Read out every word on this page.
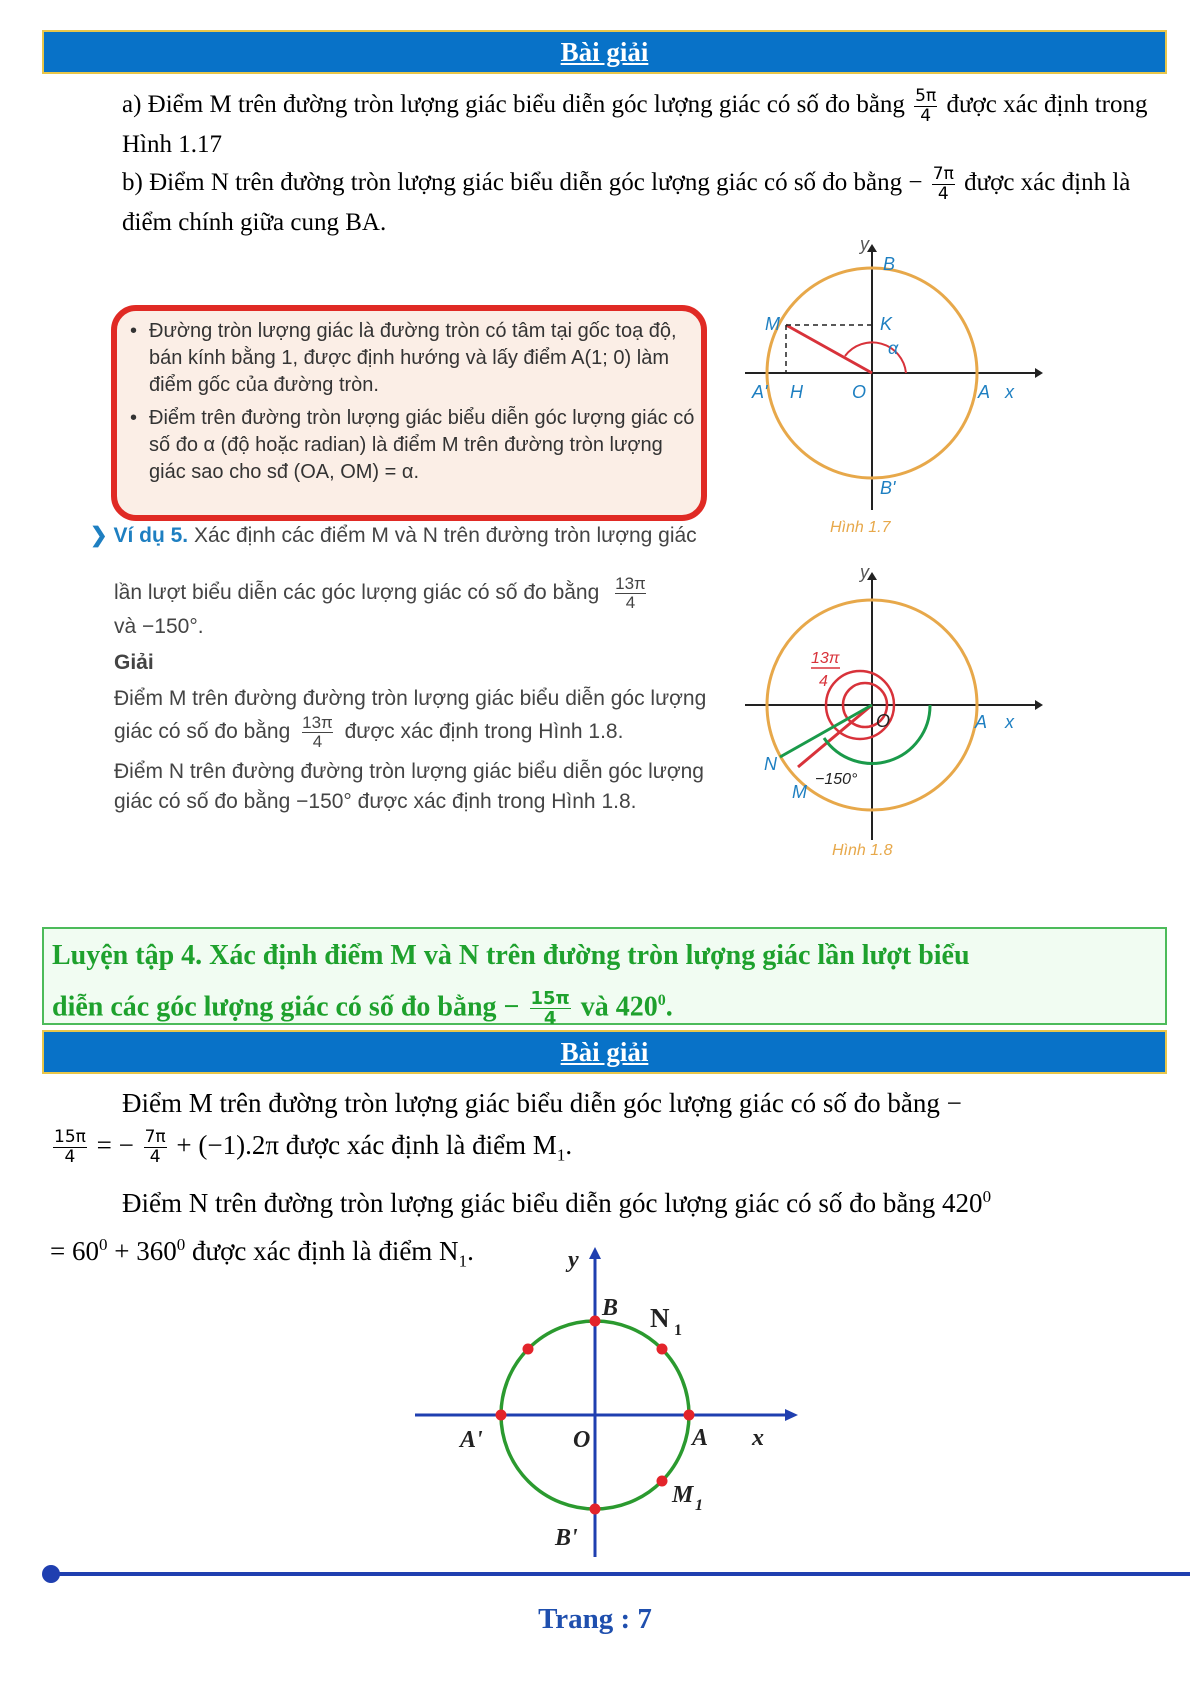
Bài giải
a) Điểm M trên đường tròn lượng giác biểu diễn góc lượng giác có số đo bằng $\frac{5\pi}{4}$ được xác định trong Hình 1.17
b) Điểm N trên đường tròn lượng giác biểu diễn góc lượng giác có số đo bằng − $\frac{7\pi}{4}$ được xác định là điểm chính giữa cung BA.
• Đường tròn lượng giác là đường tròn có tâm tại gốc toạ độ, bán kính bằng 1, được định hướng và lấy điểm A(1; 0) làm điểm gốc của đường tròn.
• Điểm trên đường tròn lượng giác biểu diễn góc lượng giác có số đo α (độ hoặc radian) là điểm M trên đường tròn lượng giác sao cho sđ (OA, OM) = α.
❯ Ví dụ 5. Xác định các điểm M và N trên đường tròn lượng giác
lần lượt biểu diễn các góc lượng giác có số đo bằng $\frac{13\pi}{4}$
và −150°.
Giải
Điểm M trên đường đường tròn lượng giác biểu diễn góc lượng
giác có số đo bằng $\frac{13\pi}{4}$ được xác định trong Hình 1.8.
Điểm N trên đường đường tròn lượng giác biểu diễn góc lượng
giác có số đo bằng −150° được xác định trong Hình 1.8.
y
B
M	K
α
A' H	O	A x
B'
Hình 1.7
y
13π
4
O	A x
N
M
−150°
Hình 1.8
Luyện tập 4. Xác định điểm M và N trên đường tròn lượng giác lần lượt biểu
diễn các góc lượng giác có số đo bằng − $\frac{15\pi}{4}$ và $420^0$.
Bài giải
Điểm M trên đường tròn lượng giác biểu diễn góc lượng giác có số đo bằng −
$\frac{15\pi}{4}$ = − $\frac{7\pi}{4} + (-1).2\pi$ được xác định là điểm $M_1$.
Điểm N trên đường tròn lượng giác biểu diễn góc lượng giác có số đo bằng $420^0$
= $60^0 + 360^0$ được xác định là điểm $N_1$.	y
B N 1
A'	O	A x
M 1
B'
Trang : 7
